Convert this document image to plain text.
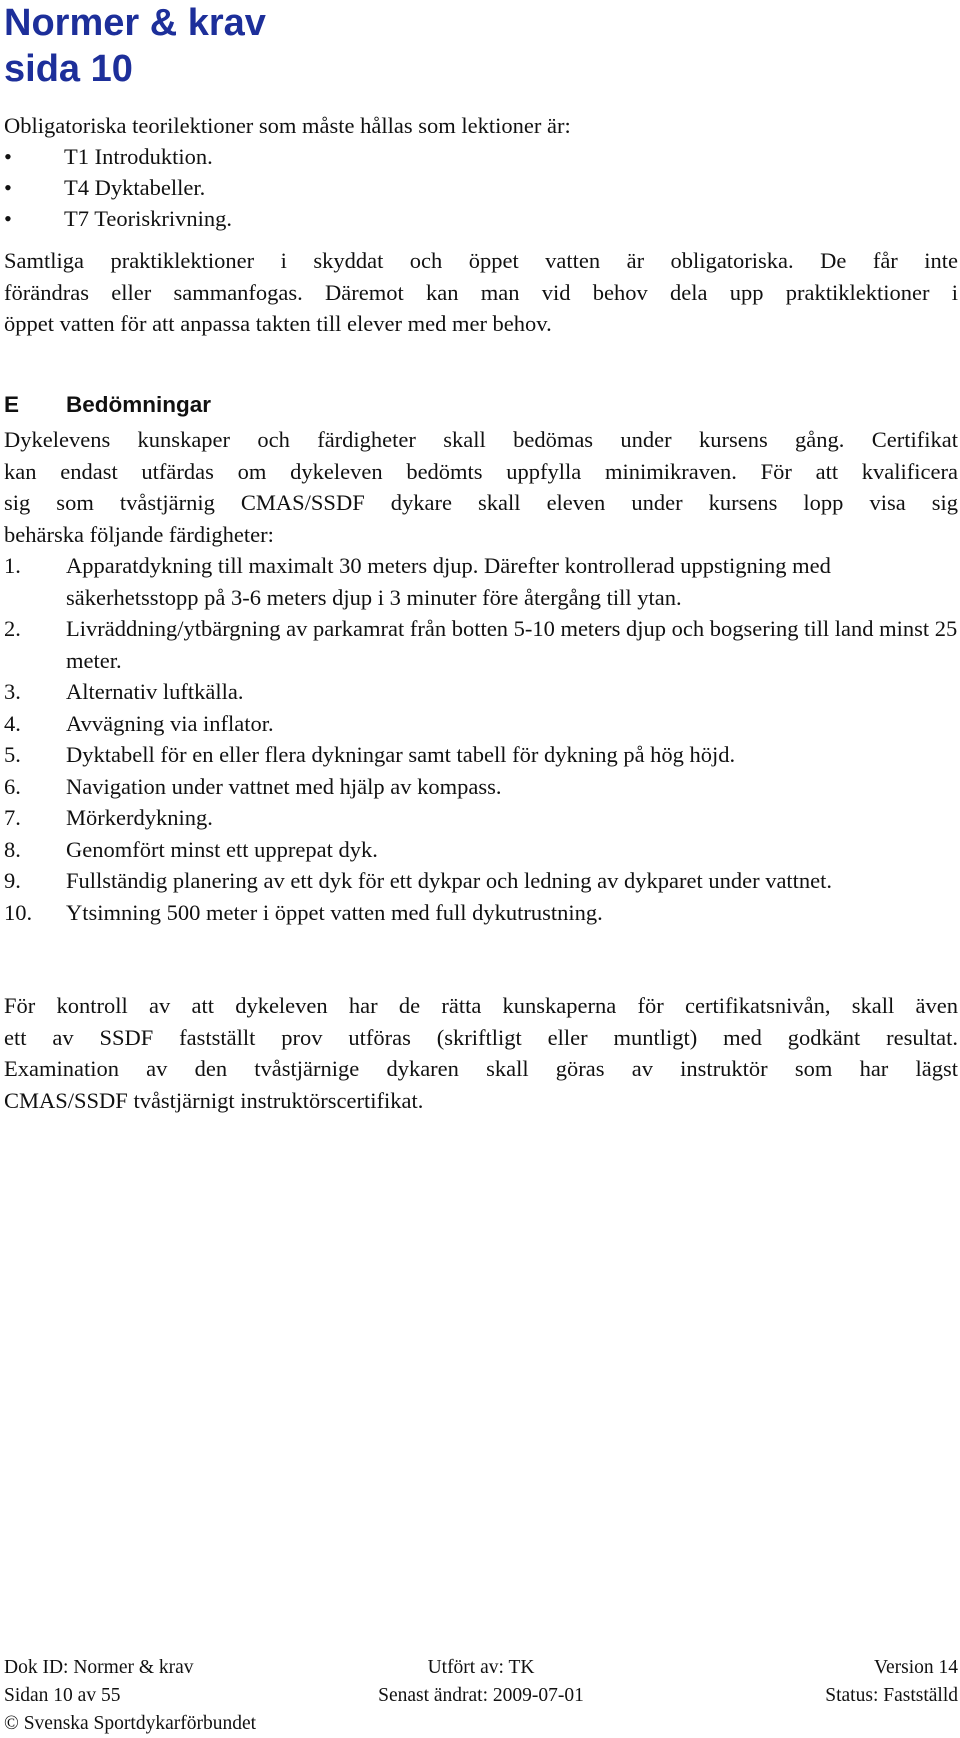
Normer & krav
sida 10
Obligatoriska teorilektioner som måste hållas som lektioner är:
• T1 Introduktion.
• T4 Dyktabeller.
• T7 Teoriskrivning.
Samtliga praktiklektioner i skyddat och öppet vatten är obligatoriska. De får inte
förändras eller sammanfogas. Däremot kan man vid behov dela upp praktiklektioner i
öppet vatten för att anpassa takten till elever med mer behov.
E Bedömningar
Dykelevens kunskaper och färdigheter skall bedömas under kursens gång. Certifikat
kan endast utfärdas om dykeleven bedömts uppfylla minimikraven. För att kvalificera
sig som tvåstjärnig CMAS/SSDF dykare skall eleven under kursens lopp visa sig
behärska följande färdigheter:
1. Apparatdykning till maximalt 30 meters djup. Därefter kontrollerad uppstigning med säkerhetsstopp på 3-6 meters djup i 3 minuter före återgång till ytan.
2. Livräddning/ytbärgning av parkamrat från botten 5-10 meters djup och bogsering till land minst 25 meter.
3. Alternativ luftkälla.
4. Avvägning via inflator.
5. Dyktabell för en eller flera dykningar samt tabell för dykning på hög höjd.
6. Navigation under vattnet med hjälp av kompass.
7. Mörkerdykning.
8. Genomfört minst ett upprepat dyk.
9. Fullständig planering av ett dyk för ett dykpar och ledning av dykparet under vattnet.
10. Ytsimning 500 meter i öppet vatten med full dykutrustning.
För kontroll av att dykeleven har de rätta kunskaperna för certifikatsnivån, skall även
ett av SSDF fastställt prov utföras (skriftligt eller muntligt) med godkänt resultat.
Examination av den tvåstjärnige dykaren skall göras av instruktör som har lägst
CMAS/SSDF tvåstjärnigt instruktörscertifikat.
Dok ID: Normer & krav	Utfört av: TK	Version 14
Sidan 10 av 55	Senast ändrat: 2009-07-01	Status: Fastställd
© Svenska Sportdykarförbundet
